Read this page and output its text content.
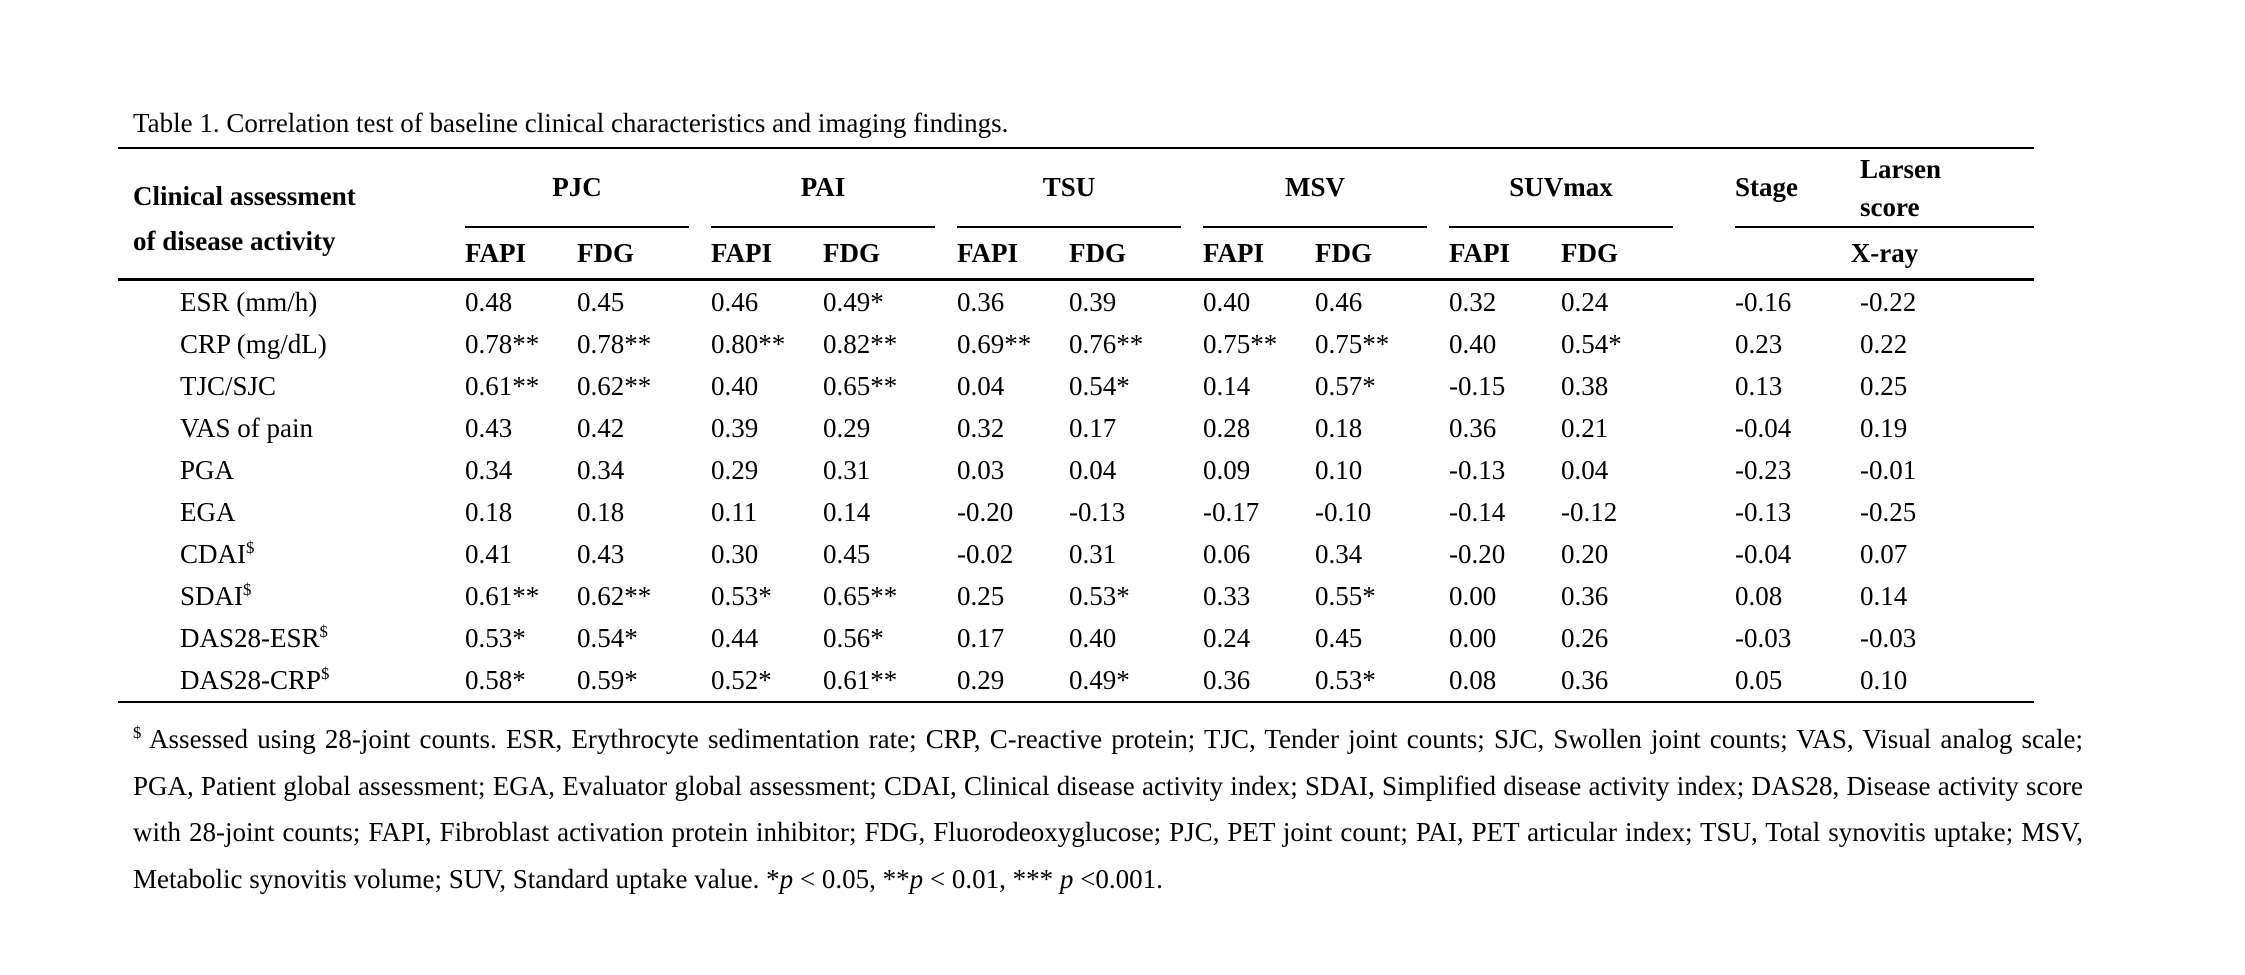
Table 1. Correlation test of baseline clinical characteristics and imaging findings.

Clinical assessment
of disease activity	PJC			PAI			TSU			MSV			SUVmax			Stage	Larsen
score

	FAPI	FDG		FAPI	FDG		FAPI	FDG		FAPI	FDG		FAPI	FDG		X-ray	
ESR (mm/h)	0.48	0.45		0.46	0.49*		0.36	0.39		0.40	0.46		0.32	0.24		-0.16	-0.22
CRP (mg/dL)	0.78**	0.78**		0.80**	0.82**		0.69**	0.76**		0.75**	0.75**		0.40	0.54*		0.23	0.22
TJC/SJC	0.61**	0.62**		0.40	0.65**		0.04	0.54*		0.14	0.57*		-0.15	0.38		0.13	0.25
VAS of pain	0.43	0.42		0.39	0.29		0.32	0.17		0.28	0.18		0.36	0.21		-0.04	0.19
PGA	0.34	0.34		0.29	0.31		0.03	0.04		0.09	0.10		-0.13	0.04		-0.23	-0.01
EGA	0.18	0.18		0.11	0.14		-0.20	-0.13		-0.17	-0.10		-0.14	-0.12		-0.13	-0.25
CDAI$	0.41	0.43		0.30	0.45		-0.02	0.31		0.06	0.34		-0.20	0.20		-0.04	0.07
SDAI$	0.61**	0.62**		0.53*	0.65**		0.25	0.53*		0.33	0.55*		0.00	0.36		0.08	0.14
DAS28-ESR$	0.53*	0.54*		0.44	0.56*		0.17	0.40		0.24	0.45		0.00	0.26		-0.03	-0.03
DAS28-CRP$	0.58*	0.59*		0.52*	0.61**		0.29	0.49*		0.36	0.53*		0.08	0.36		0.05	0.10

$ Assessed using 28-joint counts. ESR, Erythrocyte sedimentation rate; CRP, C-reactive protein; TJC, Tender joint counts; SJC, Swollen joint counts; VAS, Visual analog scale; PGA, Patient global assessment; EGA, Evaluator global assessment; CDAI, Clinical disease activity index; SDAI, Simplified disease activity index; DAS28, Disease activity score with 28-joint counts; FAPI, Fibroblast activation protein inhibitor; FDG, Fluorodeoxyglucose; PJC, PET joint count; PAI, PET articular index; TSU, Total synovitis uptake; MSV, Metabolic synovitis volume; SUV, Standard uptake value. *p < 0.05, **p < 0.01, *** p <0.001.
